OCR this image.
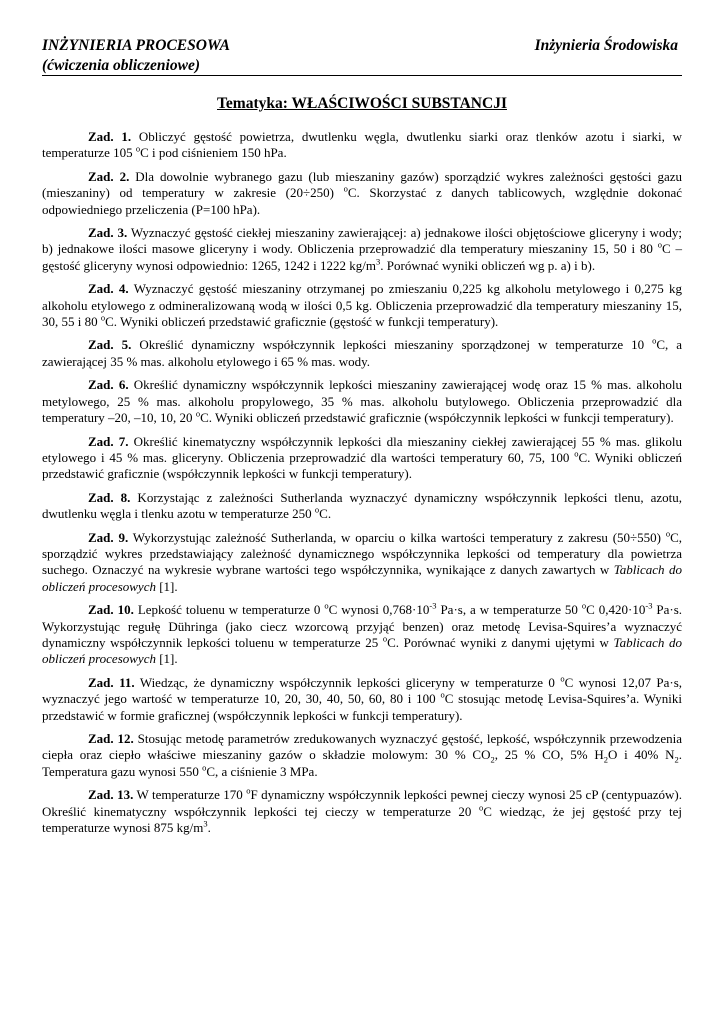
INŻYNIERIA PROCESOWA
(ćwiczenia obliczeniowe)
Inżynieria Środowiska
Tematyka: WŁAŚCIWOŚCI SUBSTANCJI

Zad. 1. Obliczyć gęstość powietrza, dwutlenku węgla, dwutlenku siarki oraz tlenków azotu i siarki, w temperaturze 105 $^o$C i pod ciśnieniem 150 hPa.

Zad. 2. Dla dowolnie wybranego gazu (lub mieszaniny gazów) sporządzić wykres zależności gęstości gazu (mieszaniny) od temperatury w zakresie (20÷250) $^o$C. Skorzystać z danych tablicowych, względnie dokonać odpowiedniego przeliczenia (P=100 hPa).

Zad. 3. Wyznaczyć gęstość ciekłej mieszaniny zawierającej: a) jednakowe ilości objętościowe gliceryny i wody; b) jednakowe ilości masowe gliceryny i wody. Obliczenia przeprowadzić dla temperatury mieszaniny 15, 50 i 80 $^o$C – gęstość gliceryny wynosi odpowiednio: 1265, 1242 i 1222 $kg/m^3$. Porównać wyniki obliczeń wg p. a) i b).

Zad. 4. Wyznaczyć gęstość mieszaniny otrzymanej po zmieszaniu 0,225 kg alkoholu metylowego i 0,275 kg alkoholu etylowego z odmineralizowaną wodą w ilości 0,5 kg. Obliczenia przeprowadzić dla temperatury mieszaniny 15, 30, 55 i 80 $^o$C. Wyniki obliczeń przedstawić graficznie (gęstość w funkcji temperatury).

Zad. 5. Określić dynamiczny współczynnik lepkości mieszaniny sporządzonej w temperaturze 10 $^o$C, a zawierającej 35 % mas. alkoholu etylowego i 65 % mas. wody.

Zad. 6. Określić dynamiczny współczynnik lepkości mieszaniny zawierającej wodę oraz 15 % mas. alkoholu metylowego, 25 % mas. alkoholu propylowego, 35 % mas. alkoholu butylowego. Obliczenia przeprowadzić dla temperatury –20, –10, 10, 20 $^o$C. Wyniki obliczeń przedstawić graficznie (współczynnik lepkości w funkcji temperatury).

Zad. 7. Określić kinematyczny współczynnik lepkości dla mieszaniny ciekłej zawierającej 55 % mas. glikolu etylowego i 45 % mas. gliceryny. Obliczenia przeprowadzić dla wartości temperatury 60, 75, 100 $^o$C. Wyniki obliczeń przedstawić graficznie (współczynnik lepkości w funkcji temperatury).

Zad. 8. Korzystając z zależności Sutherlanda wyznaczyć dynamiczny współczynnik lepkości tlenu, azotu, dwutlenku węgla i tlenku azotu w temperaturze 250 $^o$C.

Zad. 9. Wykorzystując zależność Sutherlanda, w oparciu o kilka wartości temperatury z zakresu (50÷550) $^o$C, sporządzić wykres przedstawiający zależność dynamicznego współczynnika lepkości od temperatury dla powietrza suchego. Oznaczyć na wykresie wybrane wartości tego współczynnika, wynikające z danych zawartych w Tablicach do obliczeń procesowych [1].

Zad. 10. Lepkość toluenu w temperaturze 0 $^o$C wynosi $0,768\cdot 10^{-3}$ Pa·s, a w temperaturze 50 $^o$C $0,420\cdot 10^{-3}$ Pa·s. Wykorzystując regułę Dühringa (jako ciecz wzorcową przyjąć benzen) oraz metodę Levisa-Squires’a wyznaczyć dynamiczny współczynnik lepkości toluenu w temperaturze 25 $^o$C. Porównać wyniki z danymi ujętymi w Tablicach do obliczeń procesowych [1].

Zad. 11. Wiedząc, że dynamiczny współczynnik lepkości gliceryny w temperaturze 0 $^o$C wynosi 12,07 Pa·s, wyznaczyć jego wartość w temperaturze 10, 20, 30, 40, 50, 60, 80 i 100 $^o$C stosując metodę Levisa-Squires’a. Wyniki przedstawić w formie graficznej (współczynnik lepkości w funkcji temperatury).

Zad. 12. Stosując metodę parametrów zredukowanych wyznaczyć gęstość, lepkość, współczynnik przewodzenia ciepła oraz ciepło właściwe mieszaniny gazów o składzie molowym: 30 % $CO_2$, 25 % CO, 5% $H_2O$ i 40% $N_2$. Temperatura gazu wynosi 550 $^o$C, a ciśnienie 3 MPa.

Zad. 13. W temperaturze 170 $^o$F dynamiczny współczynnik lepkości pewnej cieczy wynosi 25 cP (centypuazów). Określić kinematyczny współczynnik lepkości tej cieczy w temperaturze 20 $^o$C wiedząc, że jej gęstość przy tej temperaturze wynosi 875 $kg/m^3$.
